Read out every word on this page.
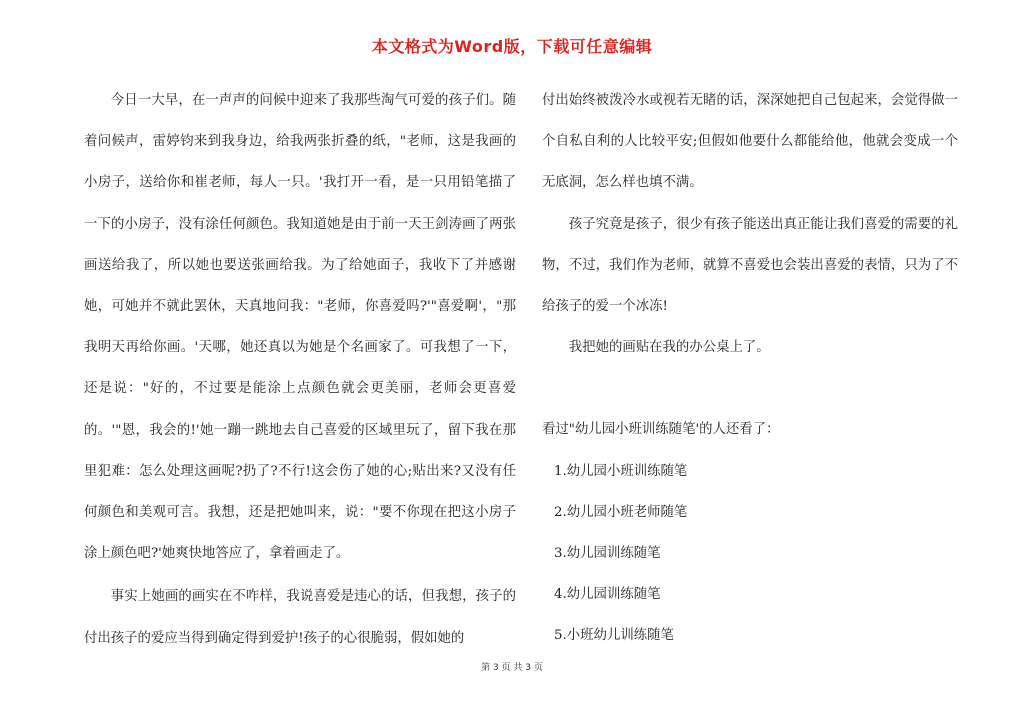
本文格式为Word版，下载可任意编辑

今日一大早，在一声声的问候中迎来了我那些淘气可爱的孩子们。随着问候声，雷婷钧来到我身边，给我两张折叠的纸，"老师，这是我画的小房子，送给你和崔老师，每人一只。'我打开一看，是一只用铅笔描了一下的小房子，没有涂任何颜色。我知道她是由于前一天王剑涛画了两张画送给我了，所以她也要送张画给我。为了给她面子，我收下了并感谢她，可她并不就此罢休，天真地问我："老师，你喜爱吗?'"喜爱啊'，"那我明天再给你画。'天哪，她还真以为她是个名画家了。可我想了一下，还是说："好的，不过要是能涂上点颜色就会更美丽，老师会更喜爱的。'"恩，我会的!'她一蹦一跳地去自己喜爱的区域里玩了，留下我在那里犯难：怎么处理这画呢?扔了?不行!这会伤了她的心;贴出来?又没有任何颜色和美观可言。我想，还是把她叫来，说："要不你现在把这小房子涂上颜色吧?'她爽快地答应了，拿着画走了。

事实上她画的画实在不咋样，我说喜爱是违心的话，但我想，孩子的付出孩子的爱应当得到确定得到爱护!孩子的心很脆弱，假如她的

付出始终被泼冷水或视若无睹的话，深深她把自己包起来，会觉得做一个自私自利的人比较平安;但假如他要什么都能给他，他就会变成一个无底洞，怎么样也填不满。

孩子究竟是孩子，很少有孩子能送出真正能让我们喜爱的需要的礼物，不过，我们作为老师，就算不喜爱也会装出喜爱的表情，只为了不给孩子的爱一个冰冻!

我把她的画贴在我的办公桌上了。

看过"幼儿园小班训练随笔'的人还看了：

1.幼儿园小班训练随笔
2.幼儿园小班老师随笔
3.幼儿园训练随笔
4.幼儿园训练随笔
5.小班幼儿训练随笔
第 3 页 共 3 页
